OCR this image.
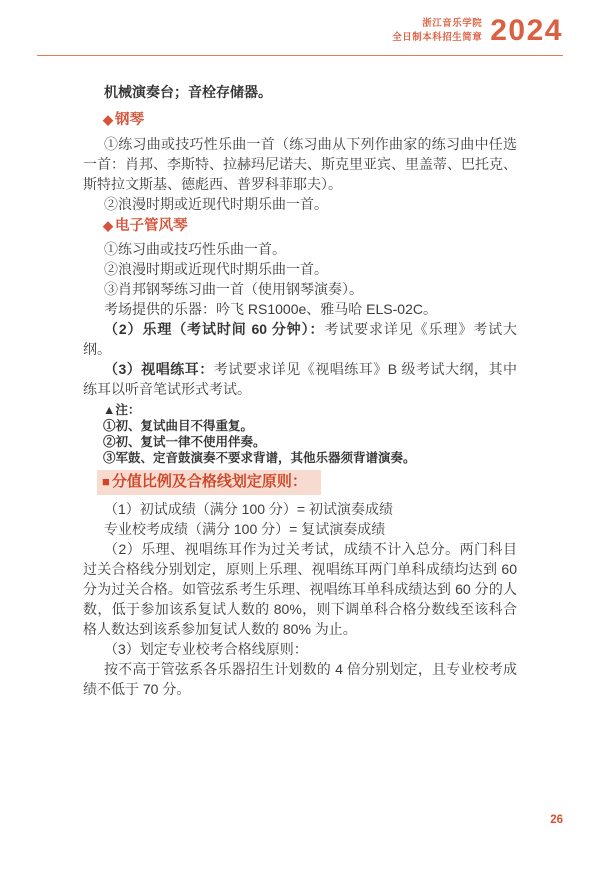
浙江音乐学院
全日制本科招生简章 2024

机械演奏台；音栓存储器。

◆ 钢琴

①练习曲或技巧性乐曲一首（练习曲从下列作曲家的练习曲中任选一首：肖邦、李斯特、拉赫玛尼诺夫、斯克里亚宾、里盖蒂、巴托克、斯特拉文斯基、德彪西、普罗科菲耶夫）。

②浪漫时期或近现代时期乐曲一首。

◆ 电子管风琴

①练习曲或技巧性乐曲一首。

②浪漫时期或近现代时期乐曲一首。

③肖邦钢琴练习曲一首（使用钢琴演奏）。

考场提供的乐器：吟飞 RS1000e、雅马哈 ELS-02C。

（2）乐理（考试时间 60 分钟）：考试要求详见《乐理》考试大纲。

（3）视唱练耳：考试要求详见《视唱练耳》B 级考试大纲，其中练耳以听音笔试形式考试。

▲注：

①初、复试曲目不得重复。

②初、复试一律不使用伴奏。

③军鼓、定音鼓演奏不要求背谱，其他乐器须背谱演奏。

■ 分值比例及合格线划定原则：

（1）初试成绩（满分 100 分）= 初试演奏成绩

专业校考成绩（满分 100 分）= 复试演奏成绩

（2）乐理、视唱练耳作为过关考试，成绩不计入总分。两门科目过关合格线分别划定，原则上乐理、视唱练耳两门单科成绩均达到 60 分为过关合格。如管弦系考生乐理、视唱练耳单科成绩达到 60 分的人数，低于参加该系复试人数的 80%，则下调单科合格分数线至该科合格人数达到该系参加复试人数的 80% 为止。

（3）划定专业校考合格线原则：

按不高于管弦系各乐器招生计划数的 4 倍分别划定，且专业校考成绩不低于 70 分。

26
